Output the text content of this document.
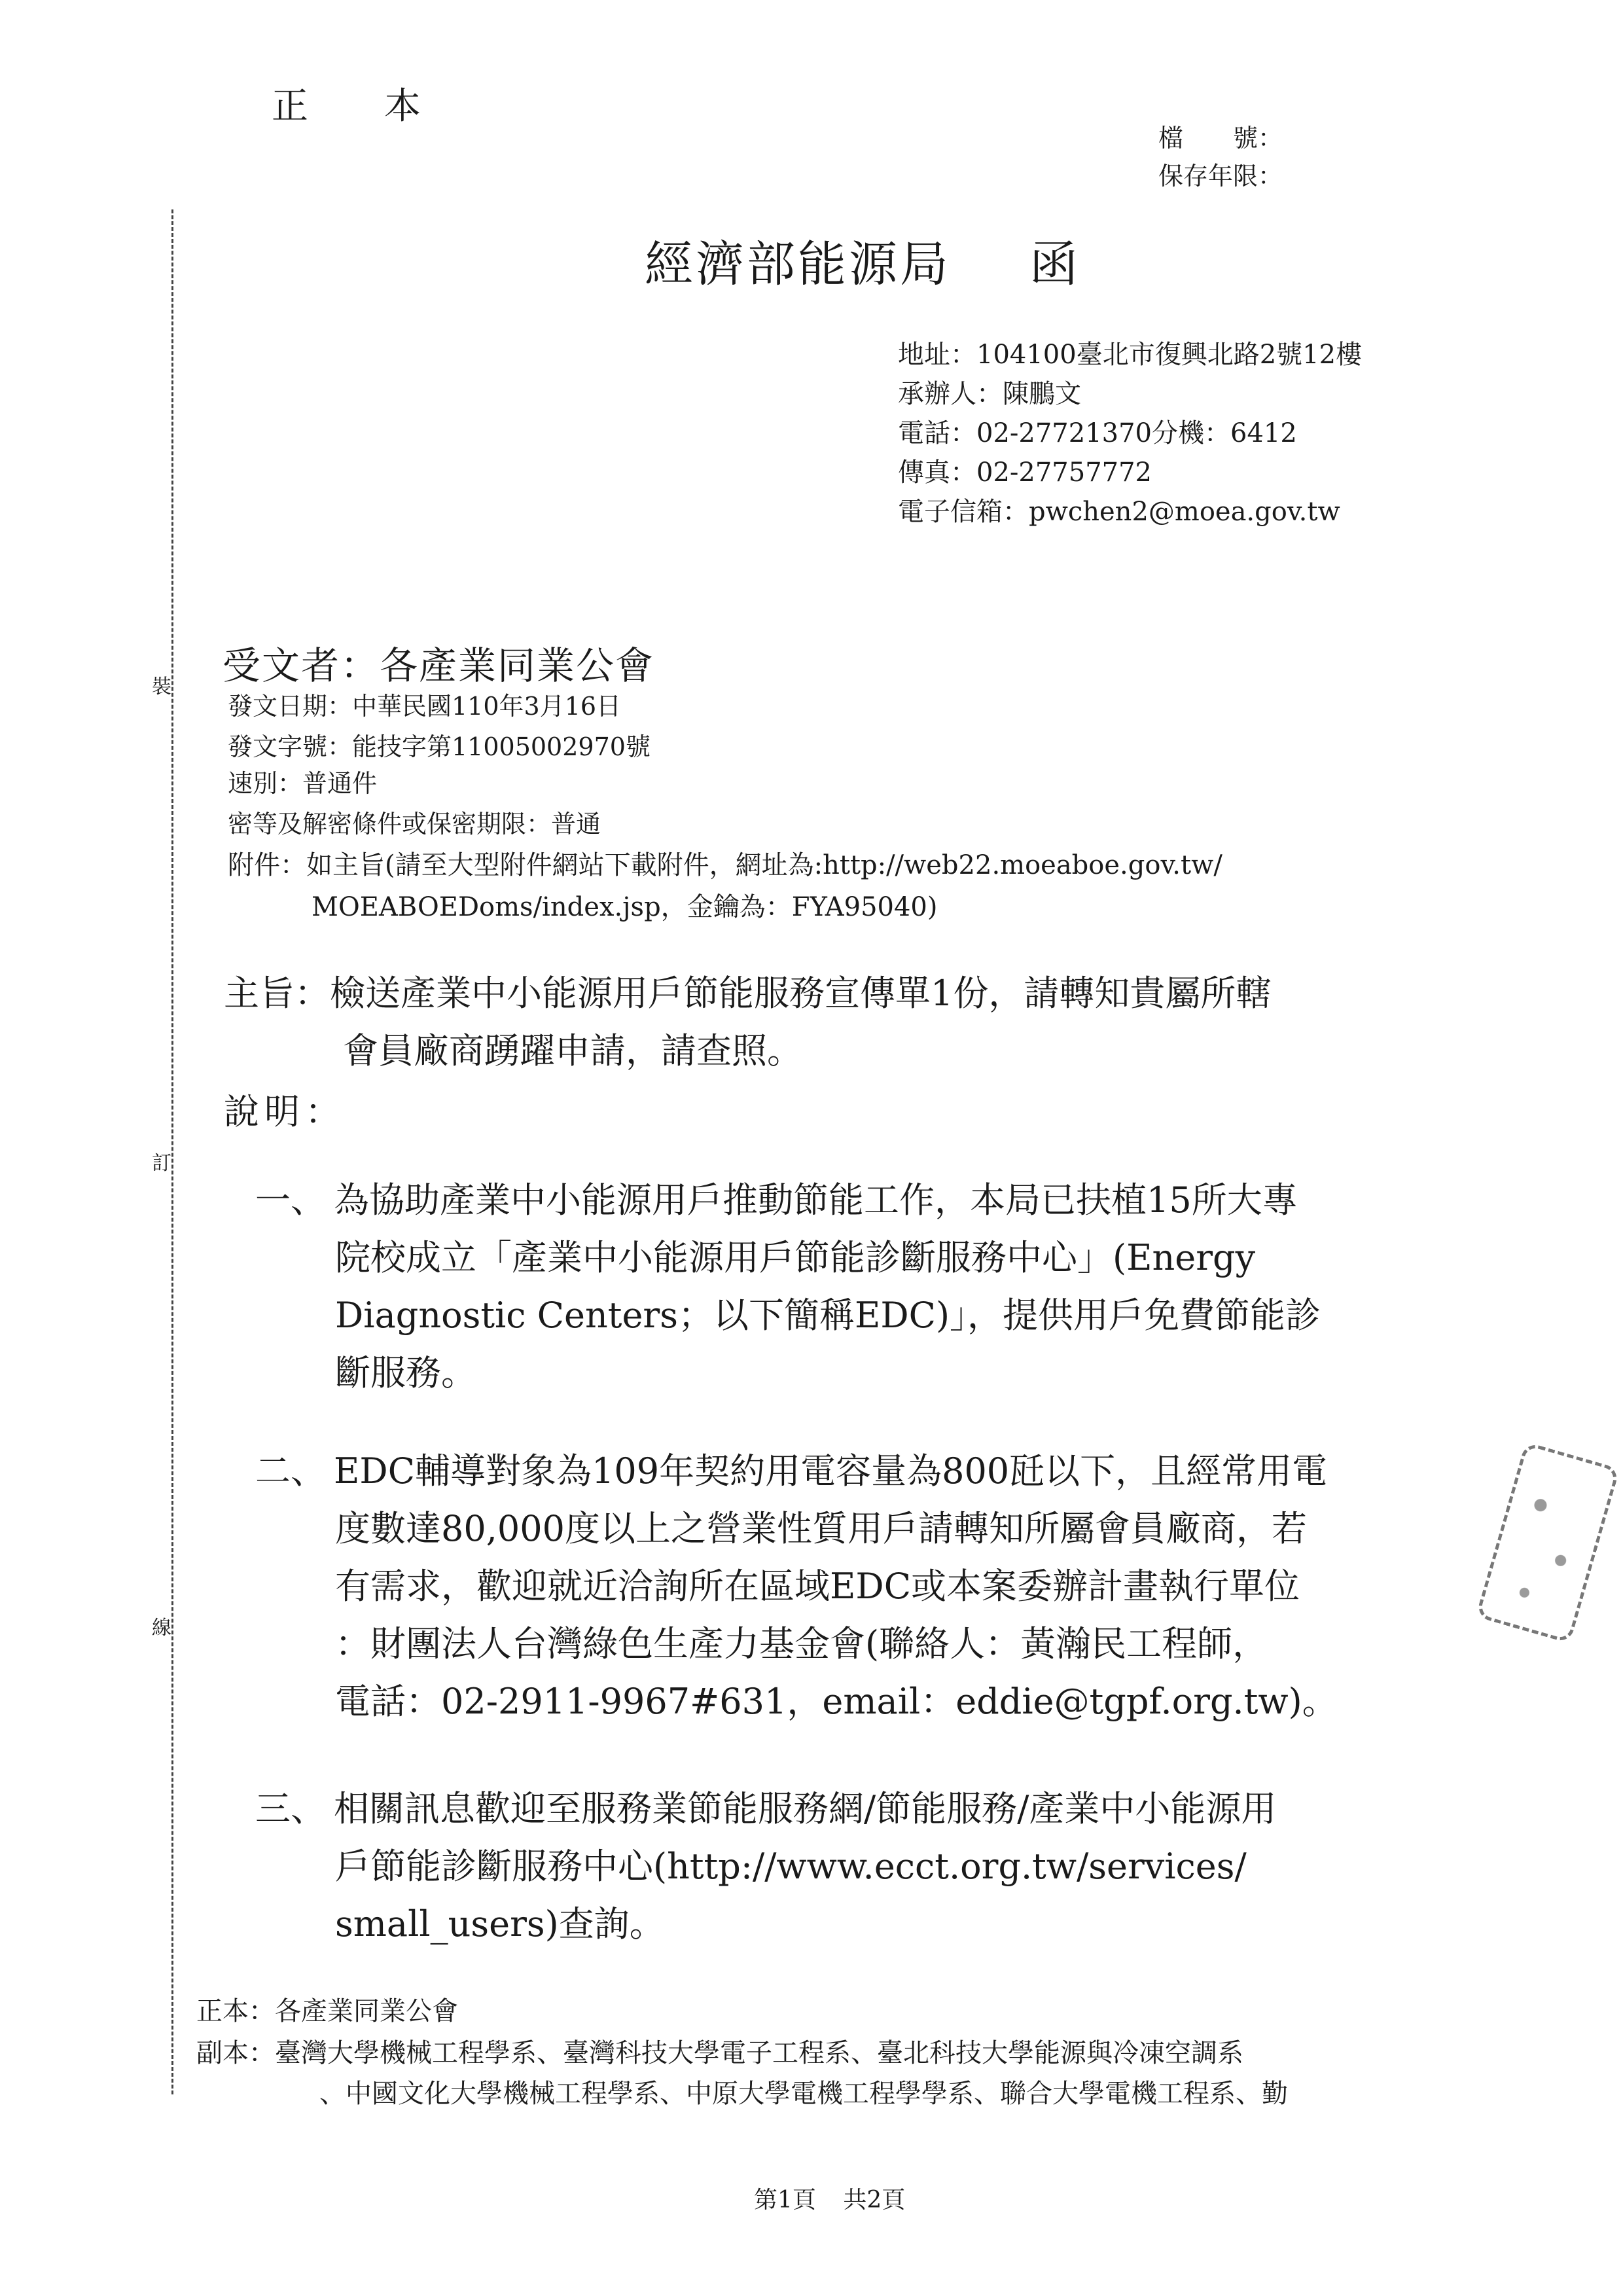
裝
訂
線
正　本
檔　　號：
保存年限：
經濟部能源局 函
地址：104100臺北市復興北路2號12樓
承辦人：陳鵬文
電話：02-27721370分機：6412
傳真：02-27757772
電子信箱：pwchen2@moea.gov.tw
受文者：各產業同業公會
發文日期：中華民國110年3月16日
發文字號：能技字第11005002970號
速別：普通件
密等及解密條件或保密期限：普通
附件：如主旨(請至大型附件網站下載附件，網址為:http://web22.moeaboe.gov.tw/
MOEABOEDoms/index.jsp，金鑰為：FYA95040)
主旨：檢送產業中小能源用戶節能服務宣傳單1份，請轉知貴屬所轄
會員廠商踴躍申請，請查照。
說明：
一、 為協助產業中小能源用戶推動節能工作，本局已扶植15所大專
院校成立「產業中小能源用戶節能診斷服務中心」(Energy
Diagnostic Centers；以下簡稱EDC)」，提供用戶免費節能診
斷服務。
二、 EDC輔導對象為109年契約用電容量為800瓩以下，且經常用電
度數達80,000度以上之營業性質用戶請轉知所屬會員廠商，若
有需求，歡迎就近洽詢所在區域EDC或本案委辦計畫執行單位
：財團法人台灣綠色生產力基金會(聯絡人：黃瀚民工程師，
電話：02-2911-9967#631，email：eddie@tgpf.org.tw)。
三、 相關訊息歡迎至服務業節能服務網/節能服務/產業中小能源用
戶節能診斷服務中心(http://www.ecct.org.tw/services/
small_users)查詢。
正本：各產業同業公會
副本：臺灣大學機械工程學系、臺灣科技大學電子工程系、臺北科技大學能源與冷凍空調系
、中國文化大學機械工程學系、中原大學電機工程學學系、聯合大學電機工程系、勤
第1頁 共2頁
